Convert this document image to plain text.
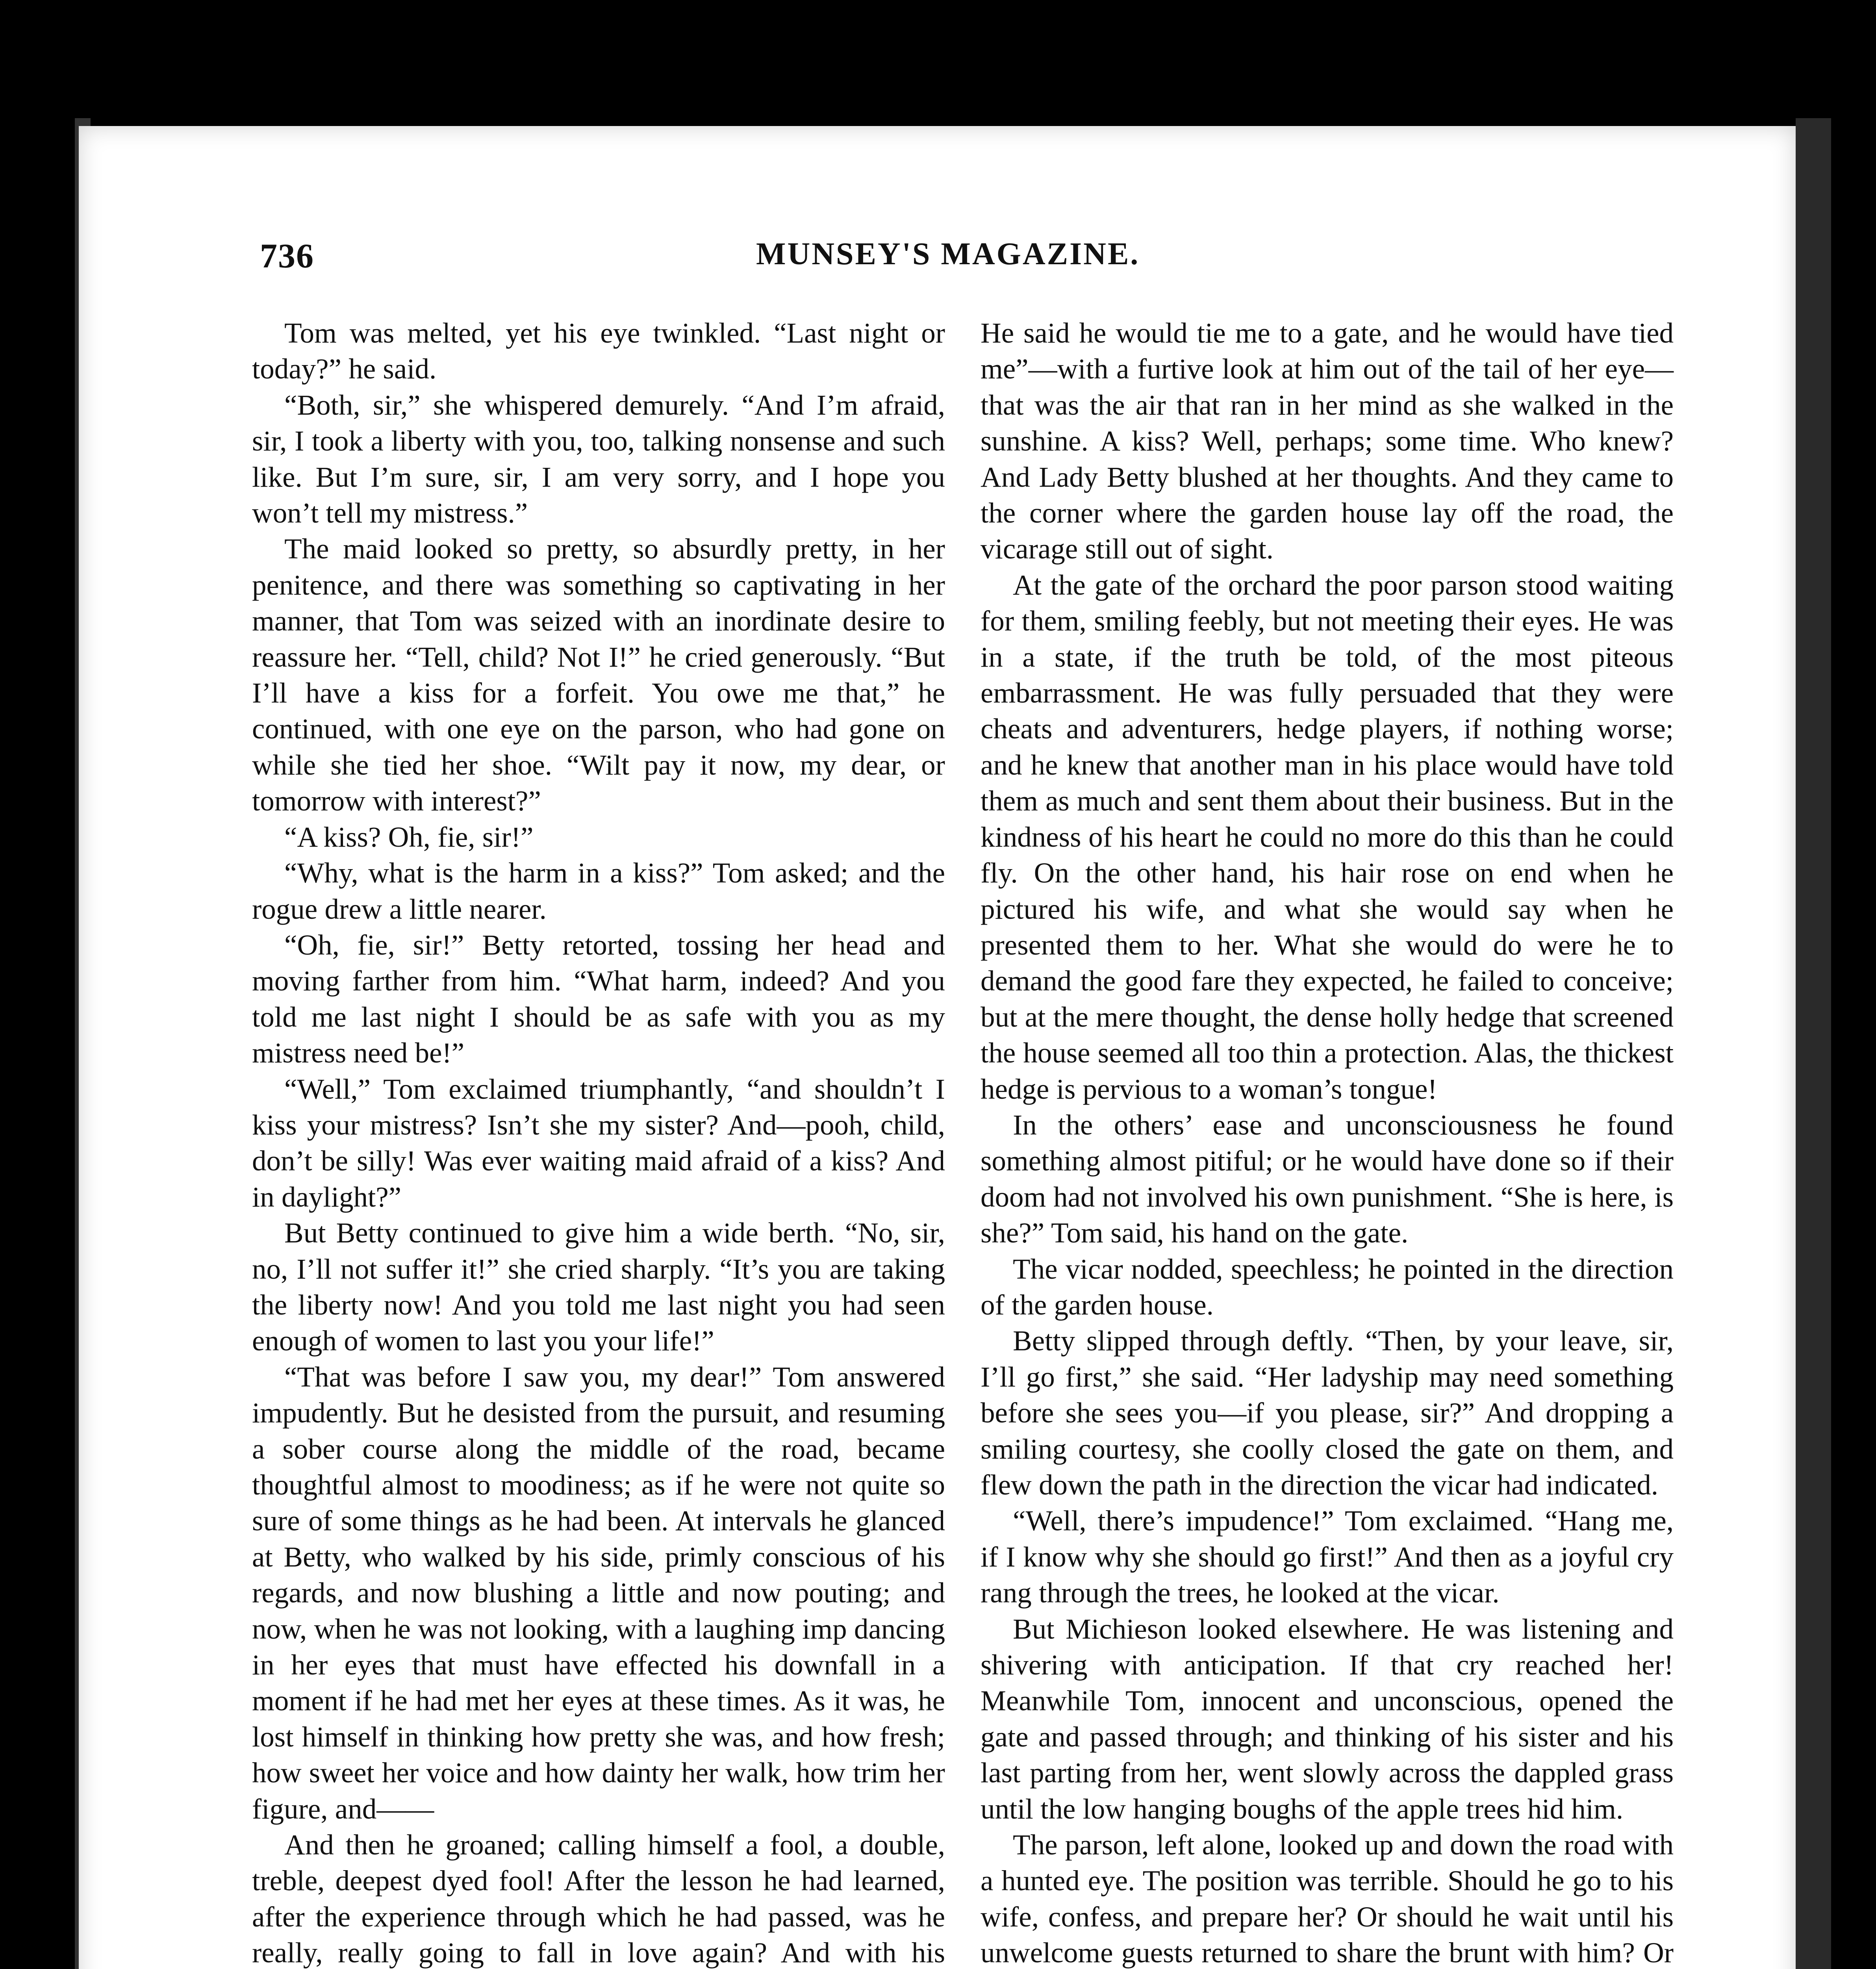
736	MUNSEY'S MAGAZINE.

Tom was melted, yet his eye twinkled. “Last night or today?” he said.

“Both, sir,” she whispered demurely. “And I’m afraid, sir, I took a liberty with you, too, talking nonsense and such like. But I’m sure, sir, I am very sorry, and I hope you won’t tell my mistress.”

The maid looked so pretty, so absurdly pretty, in her penitence, and there was something so captivating in her manner, that Tom was seized with an inordinate desire to reassure her. “Tell, child? Not I!” he cried generously. “But I’ll have a kiss for a forfeit. You owe me that,” he continued, with one eye on the parson, who had gone on while she tied her shoe. “Wilt pay it now, my dear, or tomorrow with interest?”

“A kiss? Oh, fie, sir!”

“Why, what is the harm in a kiss?” Tom asked; and the rogue drew a little nearer.

“Oh, fie, sir!” Betty retorted, tossing her head and moving farther from him. “What harm, indeed? And you told me last night I should be as safe with you as my mistress need be!”

“Well,” Tom exclaimed triumphantly, “and shouldn’t I kiss your mistress? Isn’t she my sister? And—pooh, child, don’t be silly! Was ever waiting maid afraid of a kiss? And in daylight?”

But Betty continued to give him a wide berth. “No, sir, no, I’ll not suffer it!” she cried sharply. “It’s you are taking the liberty now! And you told me last night you had seen enough of women to last you your life!”

“That was before I saw you, my dear!” Tom answered impudently. But he desisted from the pursuit, and resuming a sober course along the middle of the road, became thoughtful almost to moodiness; as if he were not quite so sure of some things as he had been. At intervals he glanced at Betty, who walked by his side, primly conscious of his regards, and now blushing a little and now pouting; and now, when he was not looking, with a laughing imp dancing in her eyes that must have effected his downfall in a moment if he had met her eyes at these times. As it was, he lost himself in thinking how pretty she was, and how fresh; how sweet her voice and how dainty her walk, how trim her figure, and——

And then he groaned; calling himself a fool, a double, treble, deepest dyed fool! After the lesson he had learned, after the experience through which he had passed, was he really, really going to fall in love again? And with his

He said he would tie me to a gate, and he would have tied me”—with a furtive look at him out of the tail of her eye—that was the air that ran in her mind as she walked in the sunshine. A kiss? Well, perhaps; some time. Who knew? And Lady Betty blushed at her thoughts. And they came to the corner where the garden house lay off the road, the vicarage still out of sight.

At the gate of the orchard the poor parson stood waiting for them, smiling feebly, but not meeting their eyes. He was in a state, if the truth be told, of the most piteous embarrassment. He was fully persuaded that they were cheats and adventurers, hedge players, if nothing worse; and he knew that another man in his place would have told them as much and sent them about their business. But in the kindness of his heart he could no more do this than he could fly. On the other hand, his hair rose on end when he pictured his wife, and what she would say when he presented them to her. What she would do were he to demand the good fare they expected, he failed to conceive; but at the mere thought, the dense holly hedge that screened the house seemed all too thin a protection. Alas, the thickest hedge is pervious to a woman’s tongue!

In the others’ ease and unconsciousness he found something almost pitiful; or he would have done so if their doom had not involved his own punishment. “She is here, is she?” Tom said, his hand on the gate.

The vicar nodded, speechless; he pointed in the direction of the garden house.

Betty slipped through deftly. “Then, by your leave, sir, I’ll go first,” she said. “Her ladyship may need something before she sees you—if you please, sir?” And dropping a smiling courtesy, she coolly closed the gate on them, and flew down the path in the direction the vicar had indicated.

“Well, there’s impudence!” Tom exclaimed. “Hang me, if I know why she should go first!” And then as a joyful cry rang through the trees, he looked at the vicar.

But Michieson looked elsewhere. He was listening and shivering with anticipation. If that cry reached her! Meanwhile Tom, innocent and unconscious, opened the gate and passed through; and thinking of his sister and his last parting from her, went slowly across the dappled grass until the low hanging boughs of the apple trees hid him.

The parson, left alone, looked up and down the road with a hunted eye. The position was terrible. Should he go to his wife, confess, and prepare her? Or should he wait until his unwelcome guests returned to share the brunt with him? Or
